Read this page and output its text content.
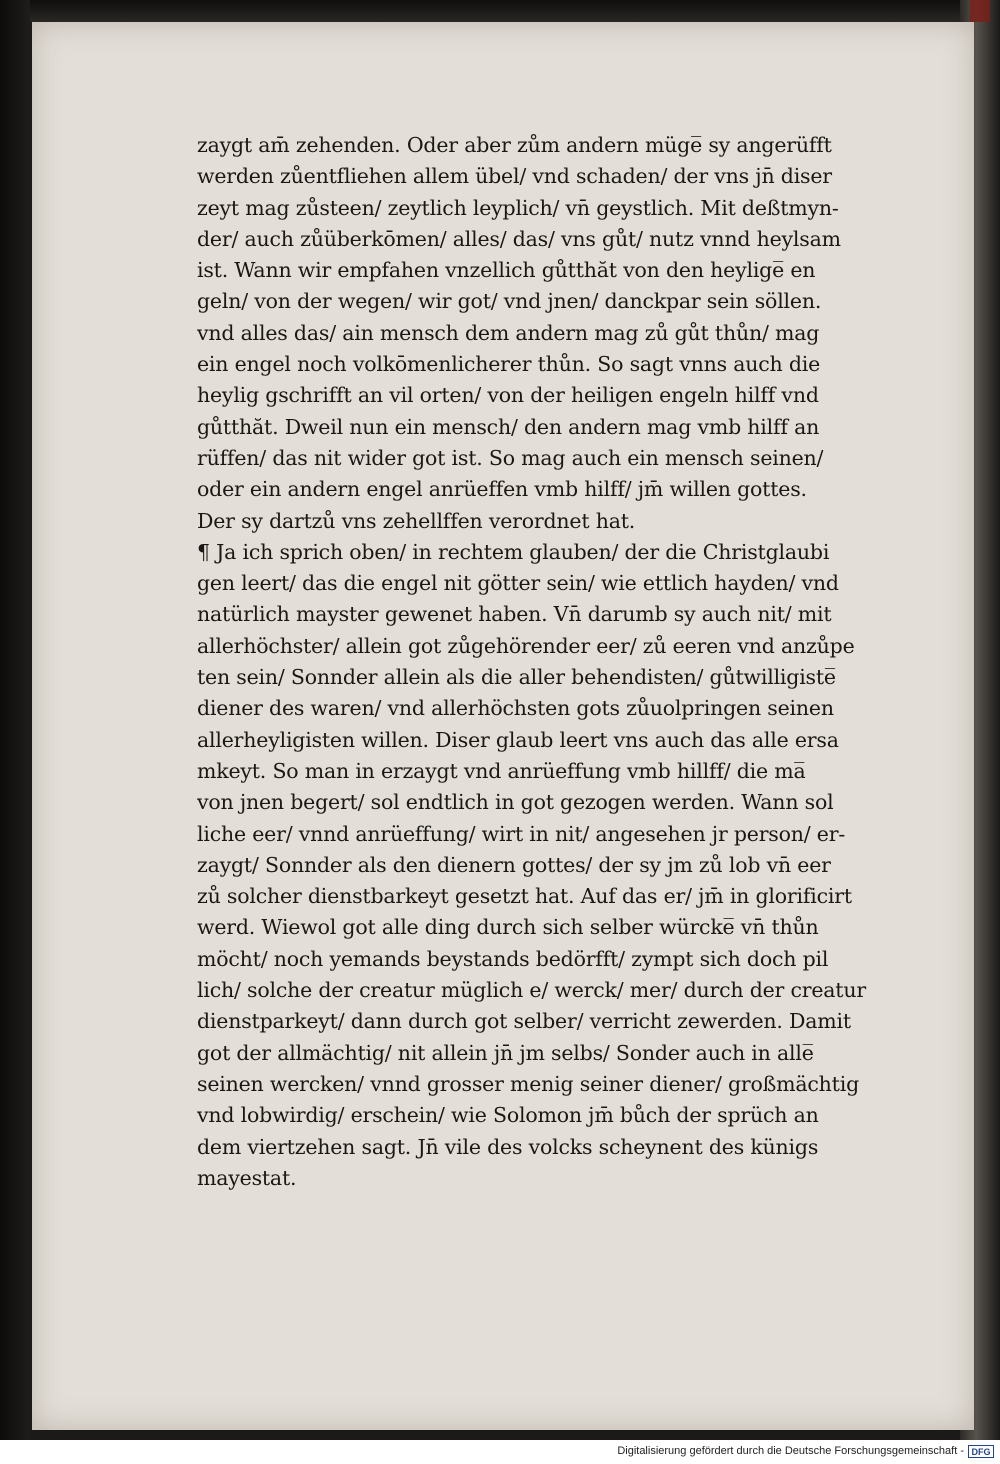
zaygt am̄ zehenden. Oder aber zům andern müge̅ sy angerüfft
werden zůentfliehen allem übel/ vnd schaden/ der vns jn̄ diser
zeyt mag zůsteen/ zeytlich leyplich/ vn̄ geystlich. Mit deßtmyn-
der/ auch zůüberkōmen/ alles/ das/ vns gůt/ nutz vnnd heylsam
ist. Wann wir empfahen vnzellich gůtthăt von den heylige̅ en
geln/ von der wegen/ wir got/ vnd jnen/ danckpar sein söllen.
vnd alles das/ ain mensch dem andern mag zů gůt thůn/ mag
ein engel noch volkōmenlicherer thůn. So sagt vnns auch die
heylig gschrifft an vil orten/ von der heiligen engeln hilff vnd
gůtthăt. Dweil nun ein mensch/ den andern mag vmb hilff an
rüffen/ das nit wider got ist. So mag auch ein mensch seinen/
oder ein andern engel anrüeffen vmb hilff/ jm̄ willen gottes.
Der sy dartzů vns zehellffen verordnet hat.
¶ Ja ich sprich oben/ in rechtem glauben/ der die Christglaubi
gen leert/ das die engel nit götter sein/ wie ettlich hayden/ vnd
natürlich mayster gewenet haben. Vn̄ darumb sy auch nit/ mit
allerhöchster/ allein got zůgehörender eer/ zů eeren vnd anzůpe
ten sein/ Sonnder allein als die aller behendisten/ gůtwilligiste̅
diener des waren/ vnd allerhöchsten gots zůuolpringen seinen
allerheyligisten willen. Diser glaub leert vns auch das alle ersa
mkeyt. So man in erzaygt vnd anrüeffung vmb hillff/ die ma̅
von jnen begert/ sol endtlich in got gezogen werden. Wann sol
liche eer/ vnnd anrüeffung/ wirt in nit/ angesehen jr person/ er-
zaygt/ Sonnder als den dienern gottes/ der sy jm zů lob vn̄ eer
zů solcher dienstbarkeyt gesetzt hat. Auf das er/ jm̄ in glorificirt
werd. Wiewol got alle ding durch sich selber würcke̅ vn̄ thůn
möcht/ noch yemands beystands bedörfft/ zympt sich doch pil
lich/ solche der creatur müglich e/ werck/ mer/ durch der creatur
dienstparkeyt/ dann durch got selber/ verricht zewerden. Damit
got der allmächtig/ nit allein jn̄ jm selbs/ Sonder auch in alle̅
seinen wercken/ vnnd grosser menig seiner diener/ großmächtig
vnd lobwirdig/ erschein/ wie Solomon jm̄ bůch der sprüch an
dem viertzehen sagt. Jn̄ vile des volcks scheynent des künigs
mayestat.
Digitalisierung gefördert durch die Deutsche Forschungsgemeinschaft - DFG
